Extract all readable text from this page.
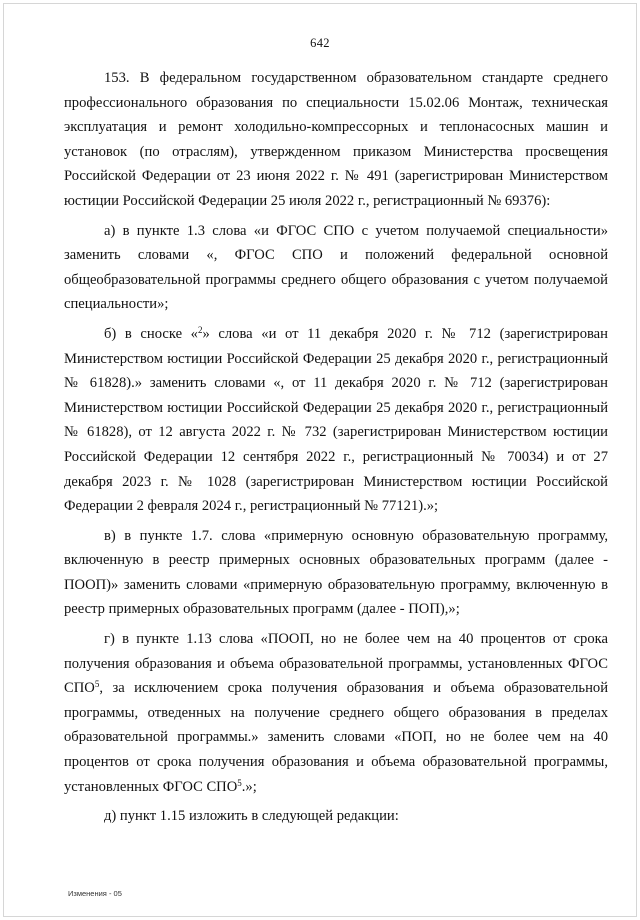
642

153. В федеральном государственном образовательном стандарте среднего профессионального образования по специальности 15.02.06 Монтаж, техническая эксплуатация и ремонт холодильно-компрессорных и теплонасосных машин и установок (по отраслям), утвержденном приказом Министерства просвещения Российской Федерации от 23 июня 2022 г. № 491 (зарегистрирован Министерством юстиции Российской Федерации 25 июля 2022 г., регистрационный № 69376):

а) в пункте 1.3 слова «и ФГОС СПО с учетом получаемой специальности» заменить словами «, ФГОС СПО и положений федеральной основной общеобразовательной программы среднего общего образования с учетом получаемой специальности»;

б) в сноске «$^2$» слова «и от 11 декабря 2020 г. № 712 (зарегистрирован Министерством юстиции Российской Федерации 25 декабря 2020 г., регистрационный № 61828).» заменить словами «, от 11 декабря 2020 г. № 712 (зарегистрирован Министерством юстиции Российской Федерации 25 декабря 2020 г., регистрационный № 61828), от 12 августа 2022 г. № 732 (зарегистрирован Министерством юстиции Российской Федерации 12 сентября 2022 г., регистрационный № 70034) и от 27 декабря 2023 г. № 1028 (зарегистрирован Министерством юстиции Российской Федерации 2 февраля 2024 г., регистрационный № 77121).»;

в) в пункте 1.7. слова «примерную основную образовательную программу, включенную в реестр примерных основных образовательных программ (далее - ПООП)» заменить словами «примерную образовательную программу, включенную в реестр примерных образовательных программ (далее - ПОП),»;

г) в пункте 1.13 слова «ПООП, но не более чем на 40 процентов от срока получения образования и объема образовательной программы, установленных ФГОС СПО$^5$, за исключением срока получения образования и объема образовательной программы, отведенных на получение среднего общего образования в пределах образовательной программы.» заменить словами «ПОП, но не более чем на 40 процентов от срока получения образования и объема образовательной программы, установленных ФГОС СПО$^5$.»;

д) пункт 1.15 изложить в следующей редакции:

Изменения - 05
